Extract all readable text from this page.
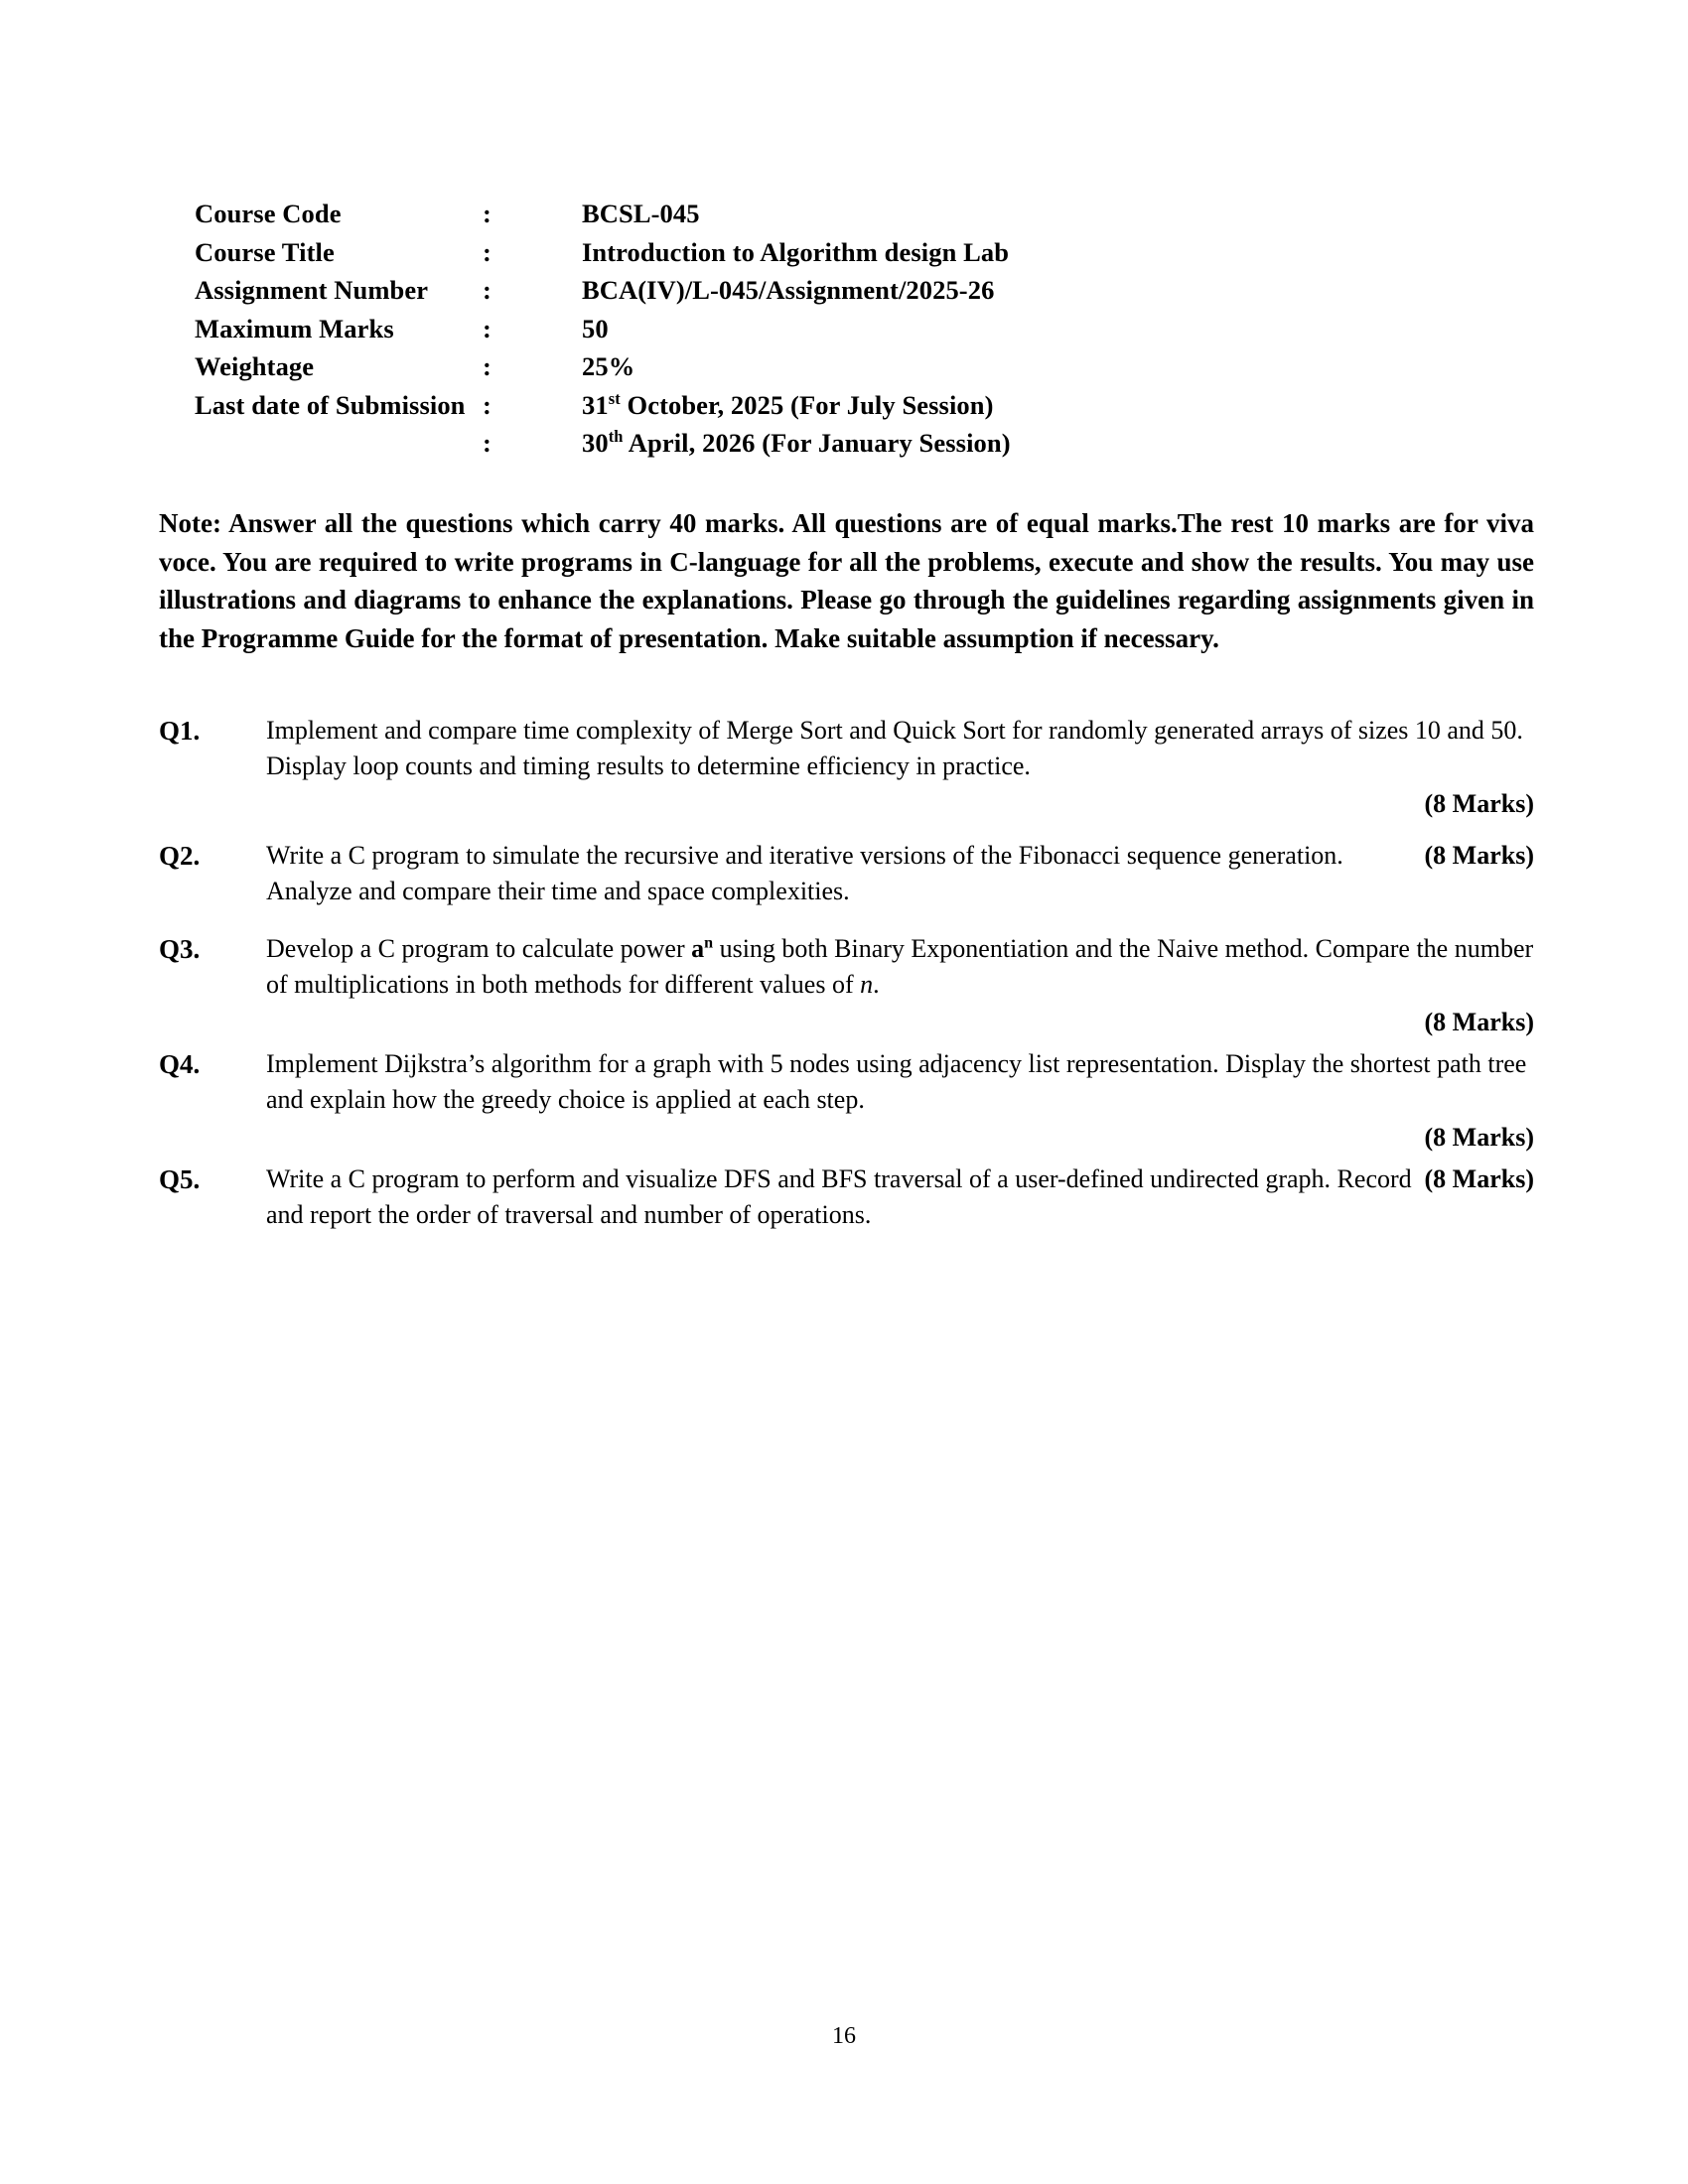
Course Code	:	BCSL-045
Course Title	:	Introduction to Algorithm design Lab
Assignment Number	:	BCA(IV)/L-045/Assignment/2025-26
Maximum Marks	:	50
Weightage	:	25%
Last date of Submission :	31st October, 2025 (For July Session)
:	30th April, 2026 (For January Session)
Note: Answer all the questions which carry 40 marks. All questions are of equal marks.The rest 10 marks are for viva voce. You are required to write programs in C-language for all the problems, execute and show the results. You may use illustrations and diagrams to enhance the explanations. Please go through the guidelines regarding assignments given in the Programme Guide for the format of presentation. Make suitable assumption if necessary.
Q1.	Implement and compare time complexity of Merge Sort and Quick Sort for randomly generated arrays of sizes 10 and 50. Display loop counts and timing results to determine efficiency in practice.
(8 Marks)
Q2.	(8 Marks)
Write a C program to simulate the recursive and iterative versions of the Fibonacci sequence generation. Analyze and compare their time and space complexities.
Q3.	Develop a C program to calculate power $a^n$ using both Binary Exponentiation and the Naive method. Compare the number of multiplications in both methods for different values of n.
(8 Marks)
Q4.	Implement Dijkstra’s algorithm for a graph with 5 nodes using adjacency list representation. Display the shortest path tree and explain how the greedy choice is applied at each step.
(8 Marks)
Q5.	(8 Marks)
Write a C program to perform and visualize DFS and BFS traversal of a user-defined undirected graph. Record and report the order of traversal and number of operations.
16
